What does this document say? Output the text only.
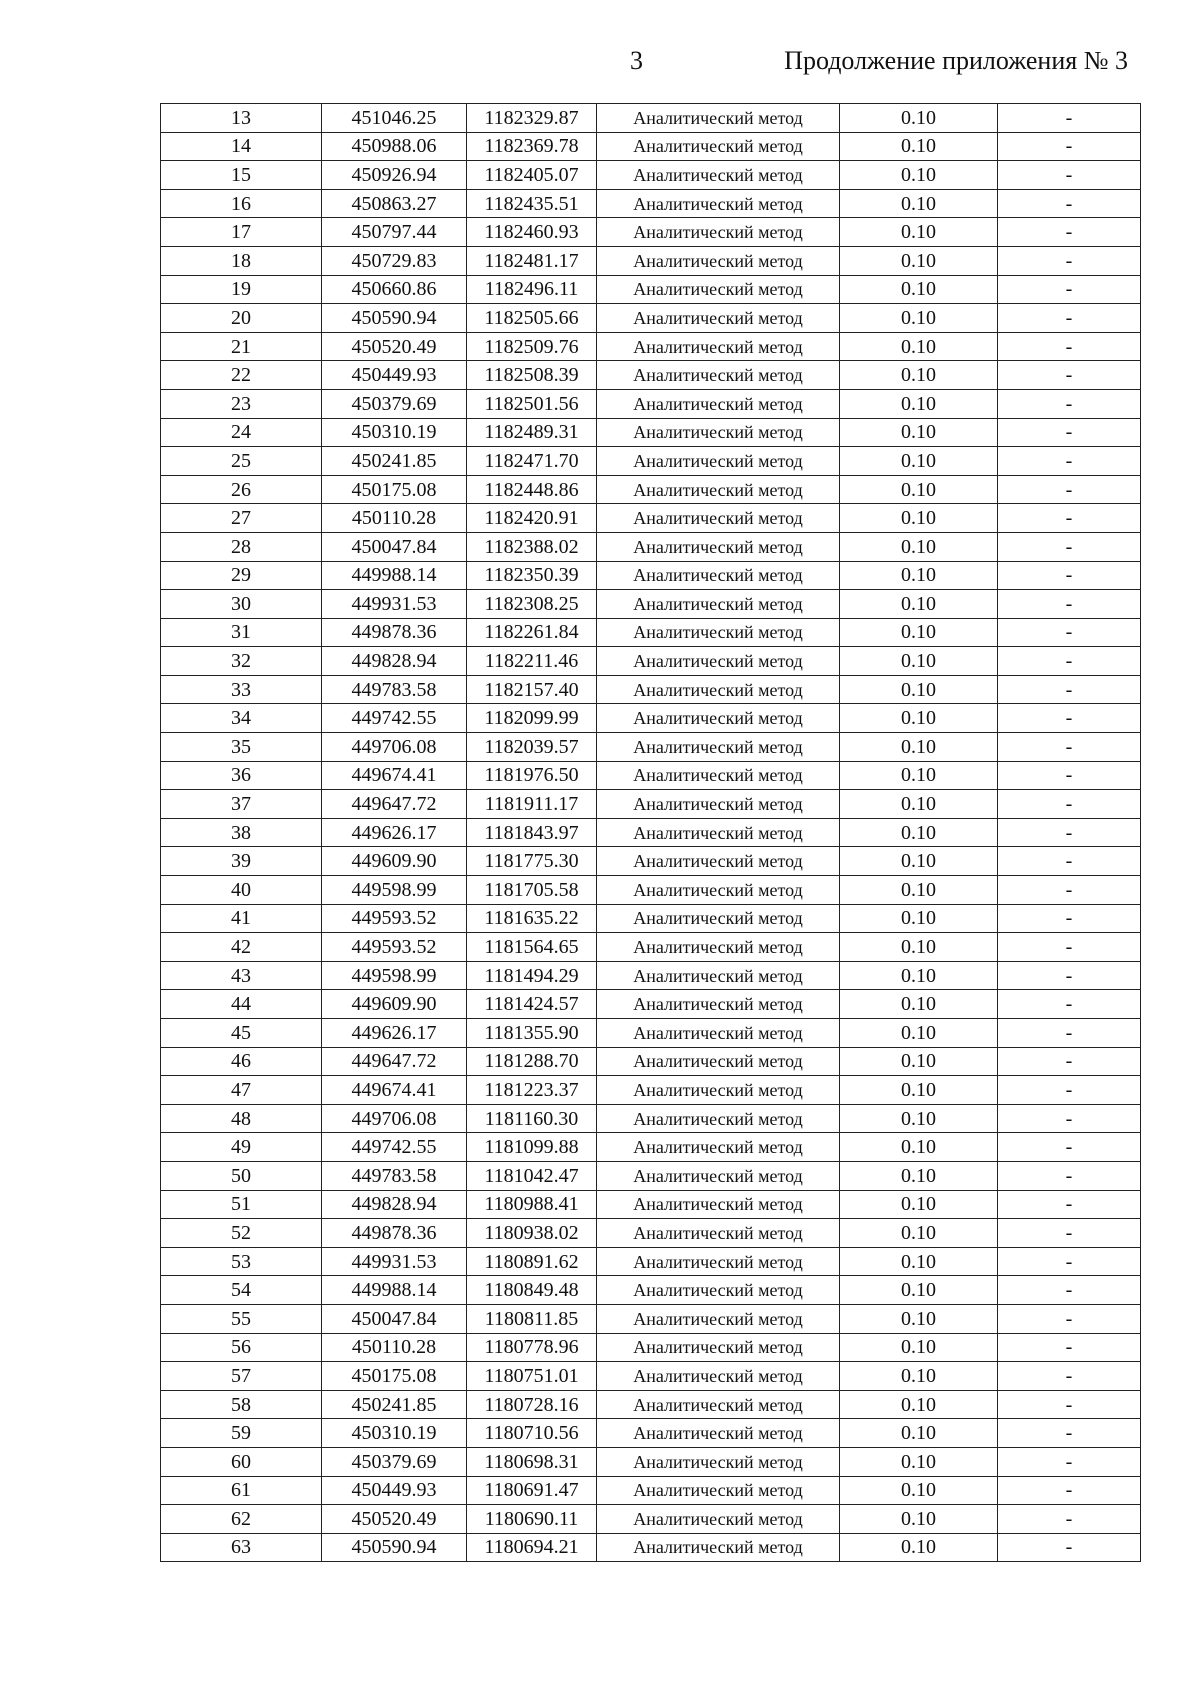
3	Продолжение приложения № 3
13	451046.25	1182329.87	Аналитический метод	0.10	-
14	450988.06	1182369.78	Аналитический метод	0.10	-
15	450926.94	1182405.07	Аналитический метод	0.10	-
16	450863.27	1182435.51	Аналитический метод	0.10	-
17	450797.44	1182460.93	Аналитический метод	0.10	-
18	450729.83	1182481.17	Аналитический метод	0.10	-
19	450660.86	1182496.11	Аналитический метод	0.10	-
20	450590.94	1182505.66	Аналитический метод	0.10	-
21	450520.49	1182509.76	Аналитический метод	0.10	-
22	450449.93	1182508.39	Аналитический метод	0.10	-
23	450379.69	1182501.56	Аналитический метод	0.10	-
24	450310.19	1182489.31	Аналитический метод	0.10	-
25	450241.85	1182471.70	Аналитический метод	0.10	-
26	450175.08	1182448.86	Аналитический метод	0.10	-
27	450110.28	1182420.91	Аналитический метод	0.10	-
28	450047.84	1182388.02	Аналитический метод	0.10	-
29	449988.14	1182350.39	Аналитический метод	0.10	-
30	449931.53	1182308.25	Аналитический метод	0.10	-
31	449878.36	1182261.84	Аналитический метод	0.10	-
32	449828.94	1182211.46	Аналитический метод	0.10	-
33	449783.58	1182157.40	Аналитический метод	0.10	-
34	449742.55	1182099.99	Аналитический метод	0.10	-
35	449706.08	1182039.57	Аналитический метод	0.10	-
36	449674.41	1181976.50	Аналитический метод	0.10	-
37	449647.72	1181911.17	Аналитический метод	0.10	-
38	449626.17	1181843.97	Аналитический метод	0.10	-
39	449609.90	1181775.30	Аналитический метод	0.10	-
40	449598.99	1181705.58	Аналитический метод	0.10	-
41	449593.52	1181635.22	Аналитический метод	0.10	-
42	449593.52	1181564.65	Аналитический метод	0.10	-
43	449598.99	1181494.29	Аналитический метод	0.10	-
44	449609.90	1181424.57	Аналитический метод	0.10	-
45	449626.17	1181355.90	Аналитический метод	0.10	-
46	449647.72	1181288.70	Аналитический метод	0.10	-
47	449674.41	1181223.37	Аналитический метод	0.10	-
48	449706.08	1181160.30	Аналитический метод	0.10	-
49	449742.55	1181099.88	Аналитический метод	0.10	-
50	449783.58	1181042.47	Аналитический метод	0.10	-
51	449828.94	1180988.41	Аналитический метод	0.10	-
52	449878.36	1180938.02	Аналитический метод	0.10	-
53	449931.53	1180891.62	Аналитический метод	0.10	-
54	449988.14	1180849.48	Аналитический метод	0.10	-
55	450047.84	1180811.85	Аналитический метод	0.10	-
56	450110.28	1180778.96	Аналитический метод	0.10	-
57	450175.08	1180751.01	Аналитический метод	0.10	-
58	450241.85	1180728.16	Аналитический метод	0.10	-
59	450310.19	1180710.56	Аналитический метод	0.10	-
60	450379.69	1180698.31	Аналитический метод	0.10	-
61	450449.93	1180691.47	Аналитический метод	0.10	-
62	450520.49	1180690.11	Аналитический метод	0.10	-
63	450590.94	1180694.21	Аналитический метод	0.10	-
